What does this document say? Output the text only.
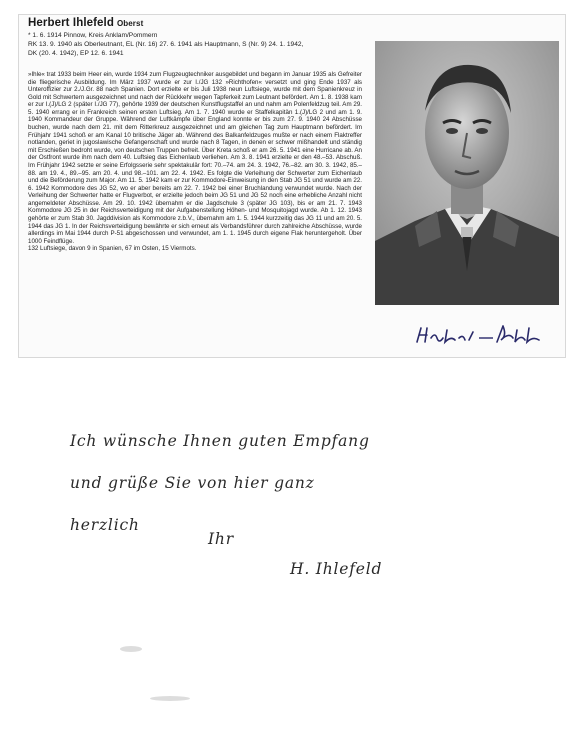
Herbert Ihlefeld Oberst
* 1. 6. 1914 Pinnow, Kreis Anklam/Pommern
RK 13. 9. 1940 als Oberleutnant, EL (Nr. 16) 27. 6. 1941 als Hauptmann, S (Nr. 9) 24. 1. 1942,
DK (20. 4. 1942), EP 12. 6. 1941
»Ihle« trat 1933 beim Heer ein, wurde 1934 zum Flugzeugtechniker ausgebildet und begann im Januar 1935 als Gefreiter die fliegerische Ausbildung. Im März 1937 wurde er zur I./JG 132 »Richthofen« versetzt und ging Ende 1937 als Unteroffizier zur 2./J.Gr. 88 nach Spanien. Dort erzielte er bis Juli 1938 neun Luftsiege, wurde mit dem Spanienkreuz in Gold mit Schwertern ausgezeichnet und nach der Rückkehr wegen Tapferkeit zum Leutnant befördert. Am 1. 8. 1938 kam er zur I.(J)/LG 2 (später I./JG 77), gehörte 1939 der deutschen Kunstflugstaffel an und nahm am Polenfeldzug teil. Am 29. 5. 1940 errang er in Frankreich seinen ersten Luftsieg. Am 1. 7. 1940 wurde er Staffelkapitän 1.(J)/LG 2 und am 1. 9. 1940 Kommandeur der Gruppe. Während der Luftkämpfe über England konnte er bis zum 27. 9. 1940 24 Abschüsse buchen, wurde nach dem 21. mit dem Ritterkreuz ausgezeichnet und am gleichen Tag zum Hauptmann befördert. Im Frühjahr 1941 schoß er am Kanal 10 britische Jäger ab. Während des Balkanfeldzuges mußte er nach einem Flaktreffer notlanden, geriet in jugoslawische Gefangenschaft und wurde nach 8 Tagen, in denen er schwer mißhandelt und ständig mit Erschießen bedroht wurde, von deutschen Truppen befreit. Über Kreta schoß er am 26. 5. 1941 eine Hurricane ab. An der Ostfront wurde ihm nach dem 40. Luftsieg das Eichenlaub verliehen. Am 3. 8. 1941 erzielte er den 48.–53. Abschuß. Im Frühjahr 1942 setzte er seine Erfolgsserie sehr spektakulär fort: 70.–74. am 24. 3. 1942, 76.–82. am 30. 3. 1942, 85.–88. am 19. 4., 89.–95. am 20. 4. und 98.–101. am 22. 4. 1942. Es folgte die Verleihung der Schwerter zum Eichenlaub und die Beförderung zum Major. Am 11. 5. 1942 kam er zur Kommodore-Einweisung in den Stab JG 51 und wurde am 22. 6. 1942 Kommodore des JG 52, wo er aber bereits am 22. 7. 1942 bei einer Bruchlandung verwundet wurde. Nach der Verleihung der Schwerter hatte er Flugverbot, er erzielte jedoch beim JG 51 und JG 52 noch eine erhebliche Anzahl nicht angemeldeter Abschüsse. Am 29. 10. 1942 übernahm er die Jagdschule 3 (später JG 103), bis er am 21. 7. 1943 Kommodore JG 25 in der Reichsverteidigung mit der Aufgabenstellung Höhen- und Mosquitojagd wurde. Ab 1. 12. 1943 gehörte er zum Stab 30. Jagddivision als Kommodore z.b.V., übernahm am 1. 5. 1944 kurzzeitig das JG 11 und am 20. 5. 1944 das JG 1. In der Reichsverteidigung bewährte er sich erneut als Verbandsführer durch zahlreiche Abschüsse, wurde allerdings im Mai 1944 durch P-51 abgeschossen und verwundet, am 1. 1. 1945 durch eigene Flak heruntergeholt. Über 1000 Feindflüge.
132 Luftsiege, davon 9 in Spanien, 67 im Osten, 15 Viermots.
Ich wünsche Ihnen guten Empfang
und grüße Sie von hier ganz
herzlich
Ihr
H. Ihlefeld
